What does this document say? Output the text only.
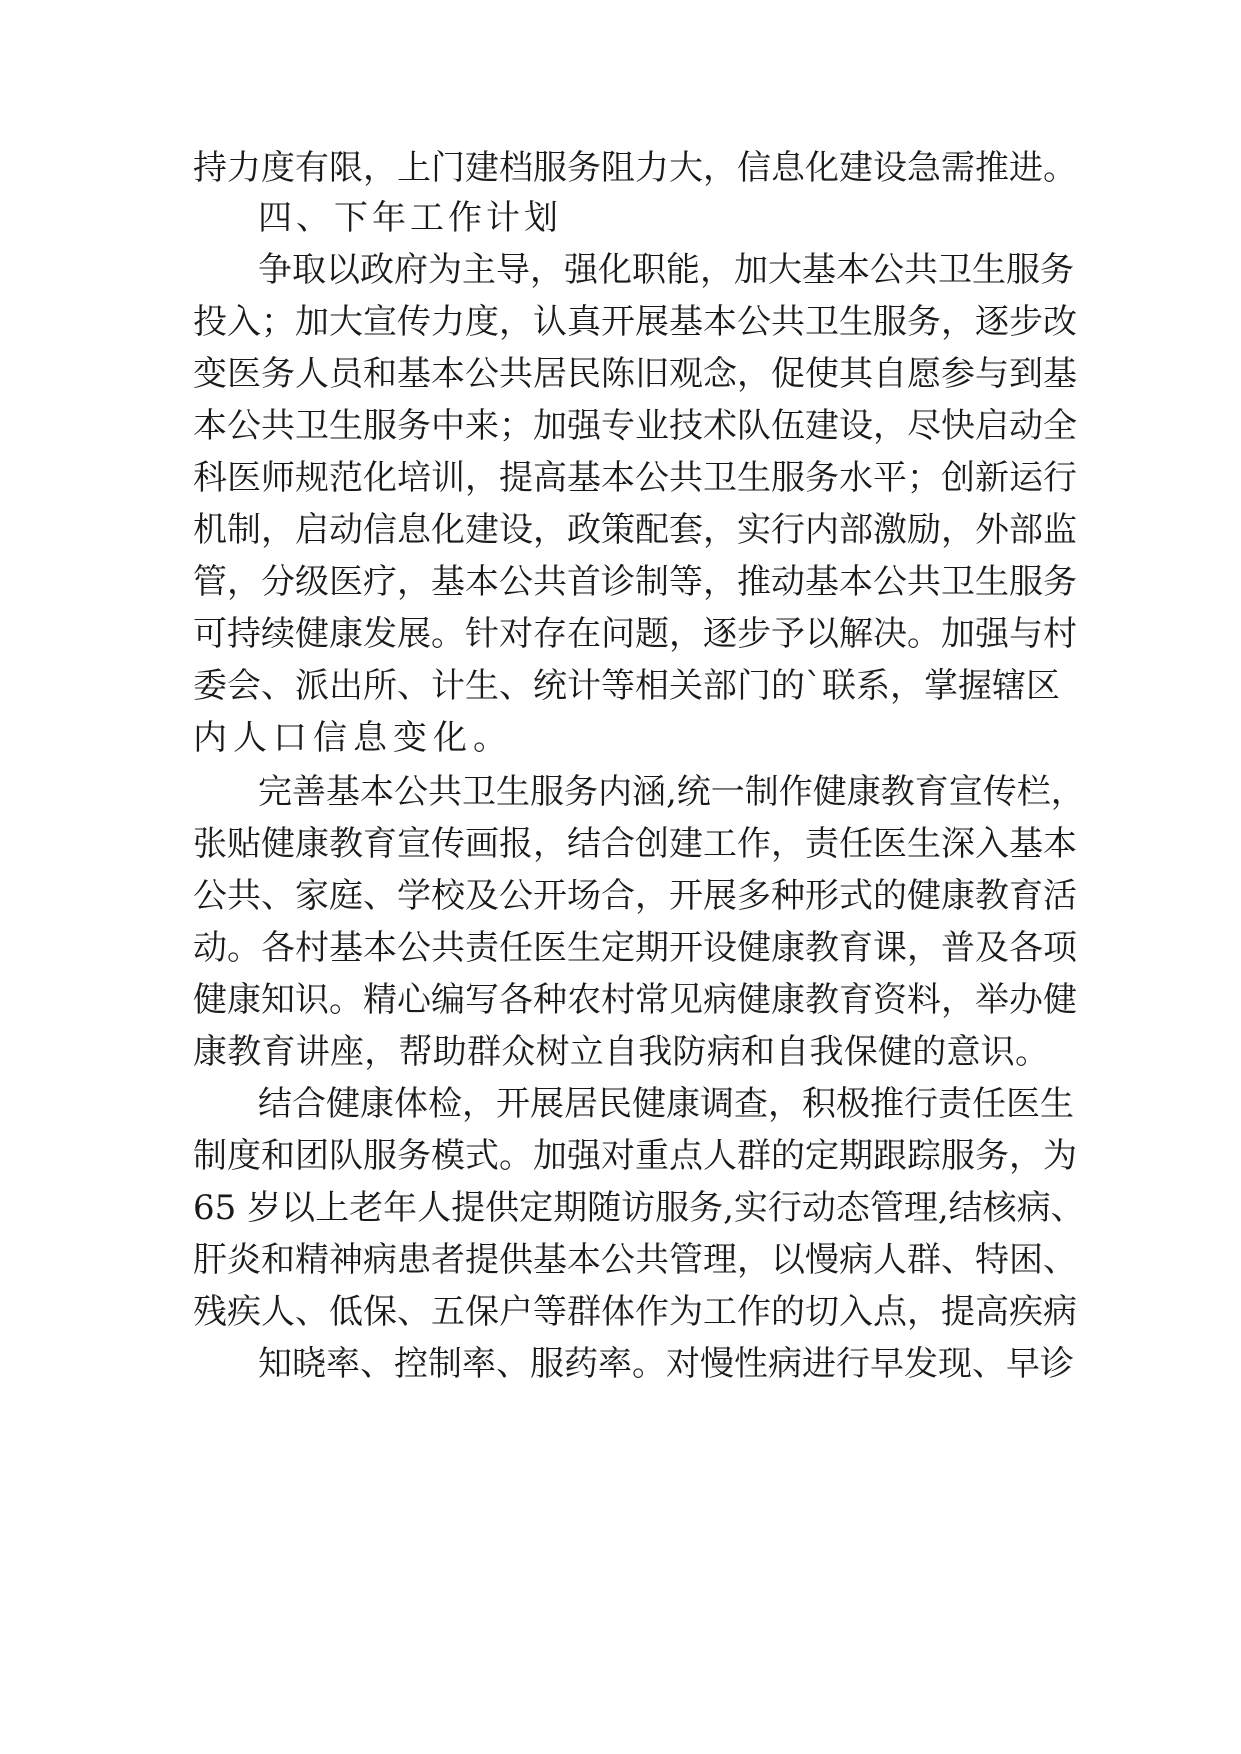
持力度有限，上门建档服务阻力大，信息化建设急需推进。
四、下年工作计划
争取以政府为主导，强化职能，加大基本公共卫生服务
投入；加大宣传力度，认真开展基本公共卫生服务，逐步改
变医务人员和基本公共居民陈旧观念，促使其自愿参与到基
本公共卫生服务中来；加强专业技术队伍建设，尽快启动全
科医师规范化培训，提高基本公共卫生服务水平；创新运行
机制，启动信息化建设，政策配套，实行内部激励，外部监
管，分级医疗，基本公共首诊制等，推动基本公共卫生服务
可持续健康发展。针对存在问题，逐步予以解决。加强与村
委会、派出所、计生、统计等相关部门的`联系，掌握辖区
内人口信息变化。
完善基本公共卫生服务内涵,统一制作健康教育宣传栏，
张贴健康教育宣传画报，结合创建工作，责任医生深入基本
公共、家庭、学校及公开场合，开展多种形式的健康教育活
动。各村基本公共责任医生定期开设健康教育课，普及各项
健康知识。精心编写各种农村常见病健康教育资料，举办健
康教育讲座，帮助群众树立自我防病和自我保健的意识。
结合健康体检，开展居民健康调查，积极推行责任医生
制度和团队服务模式。加强对重点人群的定期跟踪服务，为
65 岁以上老年人提供定期随访服务,实行动态管理,结核病、
肝炎和精神病患者提供基本公共管理，以慢病人群、特困、
残疾人、低保、五保户等群体作为工作的切入点，提高疾病
知晓率、控制率、服药率。对慢性病进行早发现、早诊
